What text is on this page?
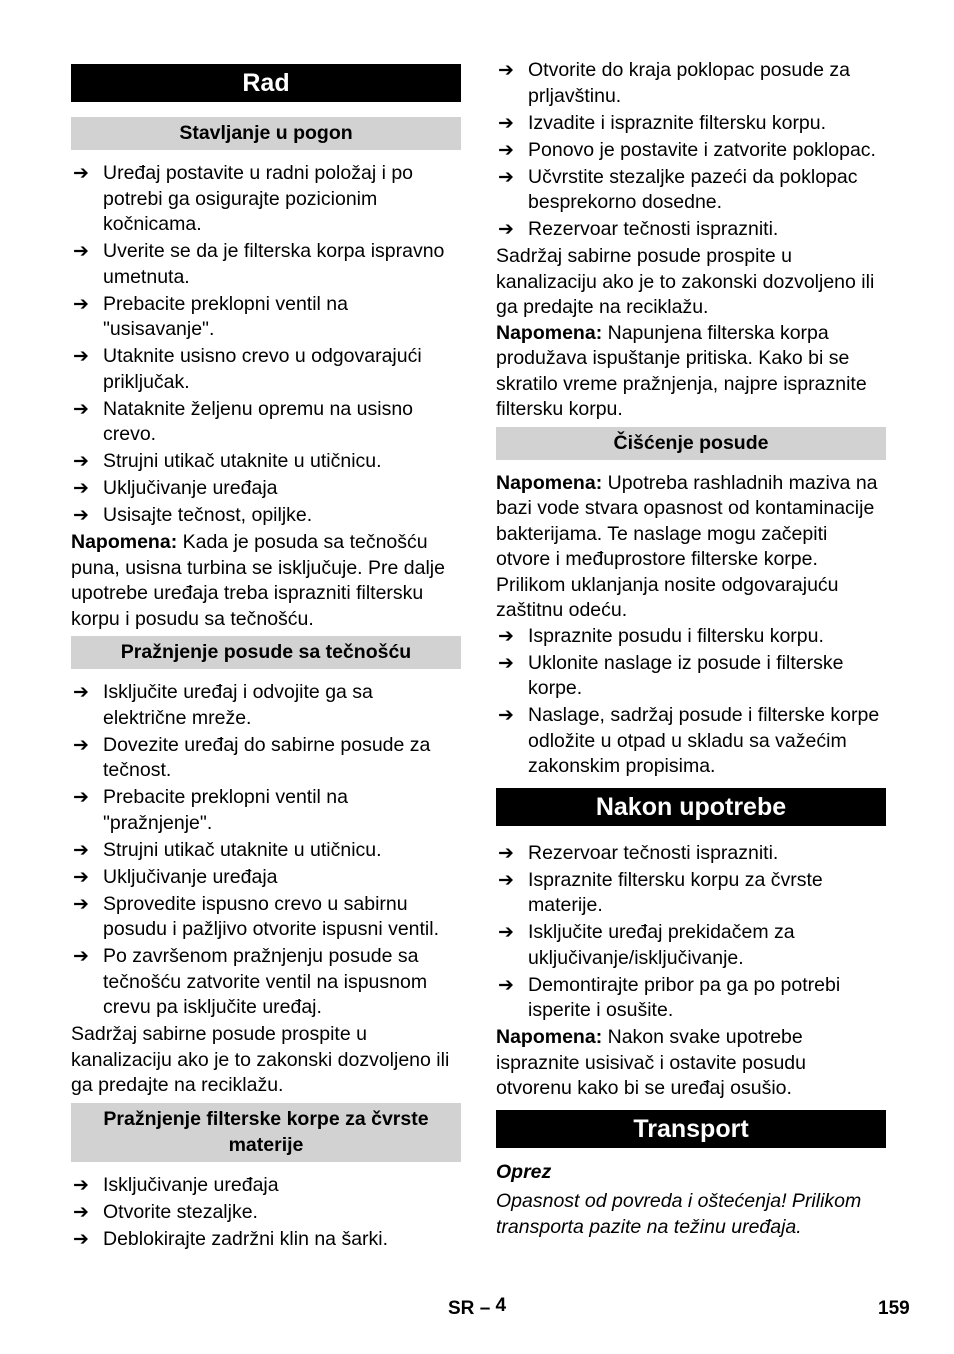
Rad
Stavljanje u pogon
➔ Uređaj postavite u radni položaj i po potrebi ga osigurajte pozicionim kočnicama.
➔ Uverite se da je filterska korpa ispravno umetnuta.
➔ Prebacite preklopni ventil na "usisavanje".
➔ Utaknite usisno crevo u odgovarajući priključak.
➔ Nataknite željenu opremu na usisno crevo.
➔ Strujni utikač utaknite u utičnicu.
➔ Uključivanje uređaja
➔ Usisajte tečnost, opiljke.
Napomena: Kada je posuda sa tečnošću puna, usisna turbina se isključuje. Pre dalje upotrebe uređaja treba isprazniti filtersku korpu i posudu sa tečnošću.
Pražnjenje posude sa tečnošću
➔ Isključite uređaj i odvojite ga sa električne mreže.
➔ Dovezite uređaj do sabirne posude za tečnost.
➔ Prebacite preklopni ventil na "pražnjenje".
➔ Strujni utikač utaknite u utičnicu.
➔ Uključivanje uređaja
➔ Sprovedite ispusno crevo u sabirnu posudu i pažljivo otvorite ispusni ventil.
➔ Po završenom pražnjenju posude sa tečnošću zatvorite ventil na ispusnom crevu pa isključite uređaj.
Sadržaj sabirne posude prospite u kanalizaciju ako je to zakonski dozvoljeno ili ga predajte na reciklažu.
Pražnjenje filterske korpe za čvrste materije
➔ Isključivanje uređaja
➔ Otvorite stezaljke.
➔ Deblokirajte zadržni klin na šarki.
➔ Otvorite do kraja poklopac posude za prljavštinu.
➔ Izvadite i ispraznite filtersku korpu.
➔ Ponovo je postavite i zatvorite poklopac.
➔ Učvrstite stezaljke pazeći da poklopac besprekorno dosedne.
➔ Rezervoar tečnosti isprazniti.
Sadržaj sabirne posude prospite u kanalizaciju ako je to zakonski dozvoljeno ili ga predajte na reciklažu.
Napomena: Napunjena filterska korpa produžava ispuštanje pritiska. Kako bi se skratilo vreme pražnjenja, najpre ispraznite filtersku korpu.
Čišćenje posude
Napomena: Upotreba rashladnih maziva na bazi vode stvara opasnost od kontaminacije bakterijama. Te naslage mogu začepiti otvore i međuprostore filterske korpe. Prilikom uklanjanja nosite odgovarajuću zaštitnu odeću.
➔ Ispraznite posudu i filtersku korpu.
➔ Uklonite naslage iz posude i filterske korpe.
➔ Naslage, sadržaj posude i filterske korpe odložite u otpad u skladu sa važećim zakonskim propisima.
Nakon upotrebe
➔ Rezervoar tečnosti isprazniti.
➔ Ispraznite filtersku korpu za čvrste materije.
➔ Isključite uređaj prekidačem za uključivanje/isključivanje.
➔ Demontirajte pribor pa ga po potrebi isperite i osušite.
Napomena: Nakon svake upotrebe ispraznite usisivač i ostavite posudu otvorenu kako bi se uređaj osušio.
Transport
Oprez
Opasnost od povreda i oštećenja! Prilikom transporta pazite na težinu uređaja.
SR – 4	159
